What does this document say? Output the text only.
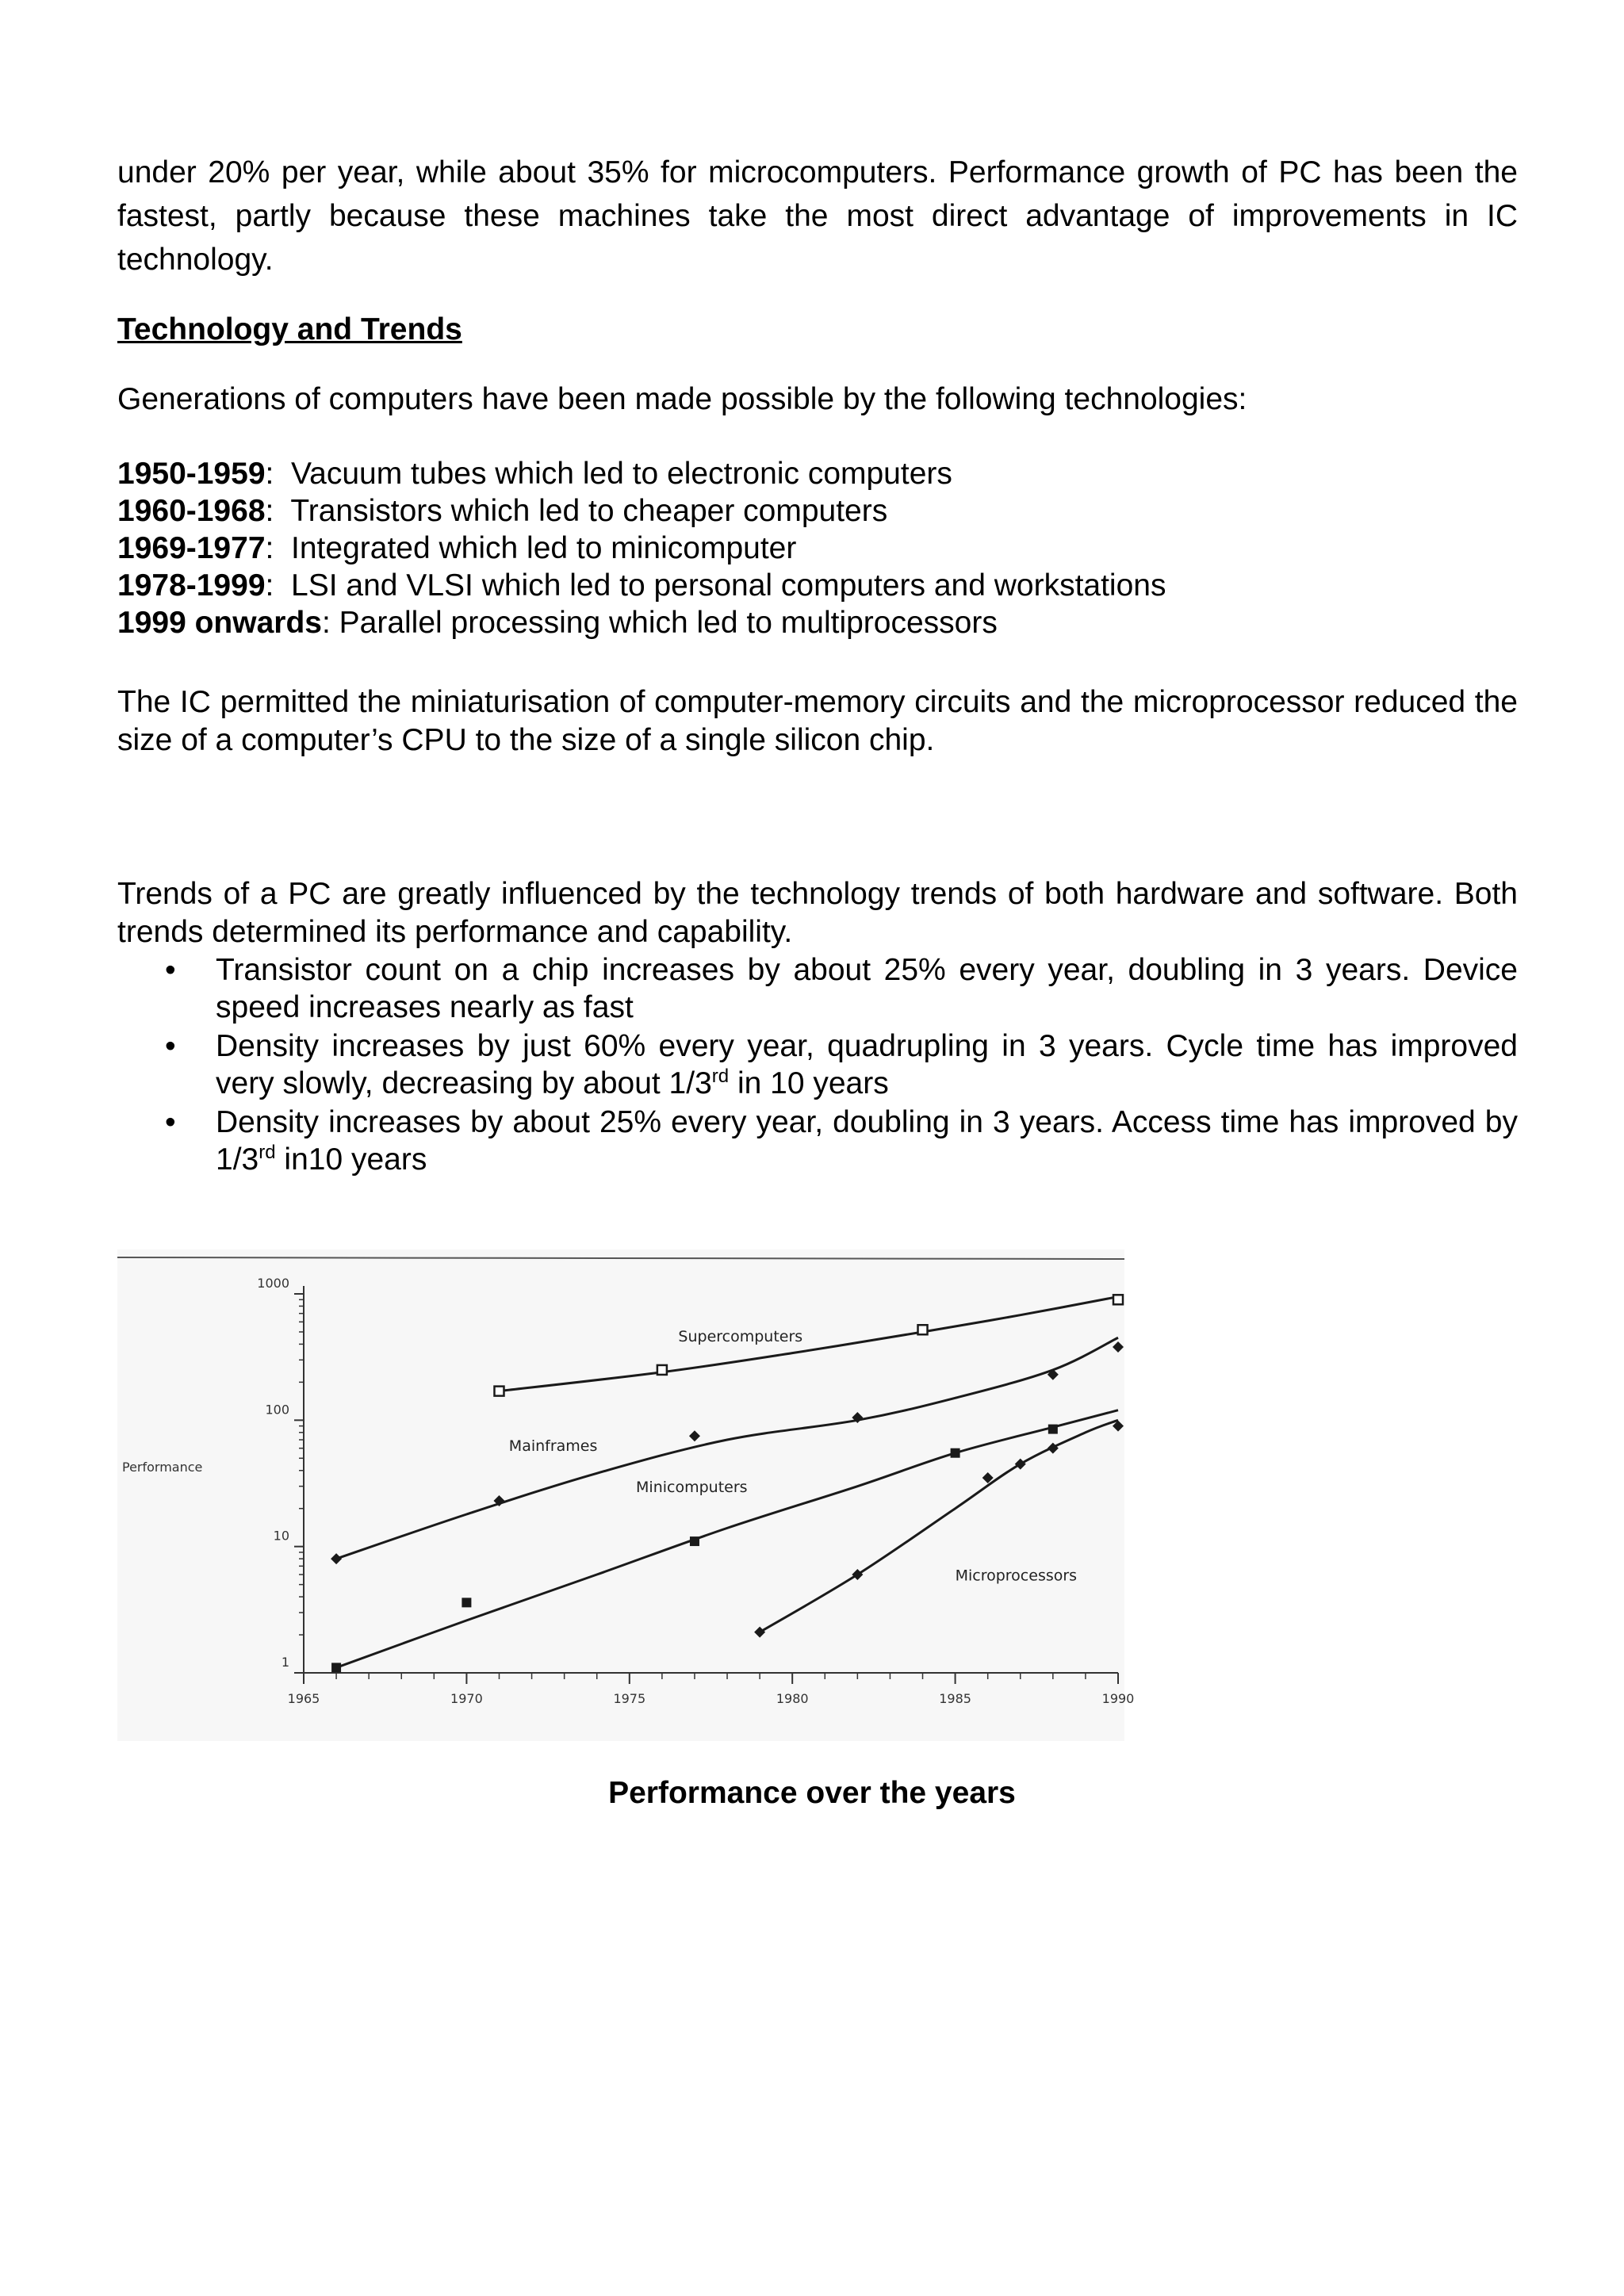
under 20% per year, while about 35% for microcomputers. Performance growth of PC has been the fastest, partly because these machines take the most direct advantage of improvements in IC technology.

Technology and Trends

Generations of computers have been made possible by the following technologies:

1950-1959:  Vacuum tubes which led to electronic computers

1960-1968:  Transistors which led to cheaper computers

1969-1977:  Integrated which led to minicomputer

1978-1999:  LSI and VLSI which led to personal computers and workstations

1999 onwards: Parallel processing which led to multiprocessors

The IC permitted the miniaturisation of computer-memory circuits and the microprocessor reduced the size of a computer’s CPU to the size of a single silicon chip.

Trends of a PC are greatly influenced by the technology trends of both hardware and software. Both trends determined its performance and capability.

• Transistor count on a chip increases by about 25% every year, doubling in 3 years. Device speed increases nearly as fast
• Density increases by just 60% every year, quadrupling in 3 years. Cycle time has improved very slowly, decreasing by about 1/3rd in 10 years
• Density increases by about 25% every year, doubling in 3 years. Access time has improved by 1/3rd in10 years
1
10
100
1000
1965	1970	1975	1980	1985	1990
Performance
Supercomputers
Mainframes
Minicomputers
Microprocessors
Performance over the years
